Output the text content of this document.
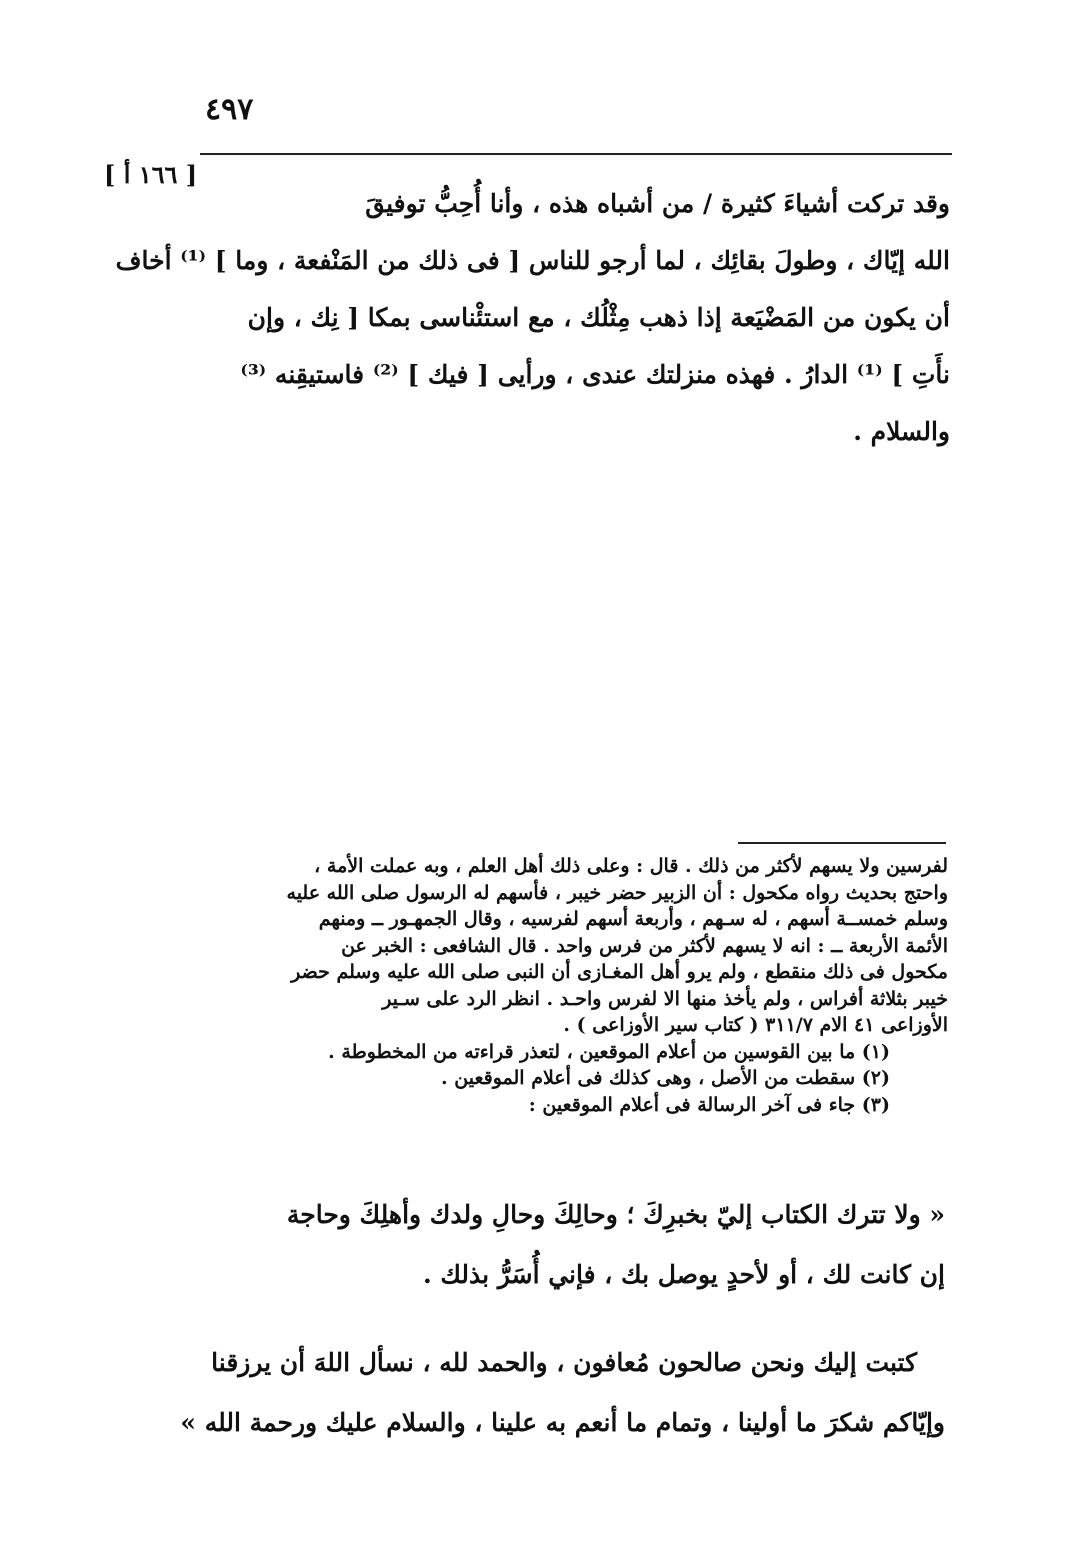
٤٩٧
[ ١٦٦ أ ]
وقد تركت أشياءَ كثيرة / من أشباه هذه ، وأنا أُحِبُّ توفيقَ
الله إيّاك ، وطولَ بقائِك ، لما أرجو للناس [ فى ذلك من المَنْفعة ، وما ] ⁽¹⁾ أخاف
أن يكون من المَضْيَعة إذا ذهب مِثْلُك ، مع استئْناسى بمكا [ نِك ، وإن
نأَتِ ] ⁽¹⁾ الدارُ . فهذه منزلتك عندى ، ورأيى [ فيك ] ⁽²⁾ فاستيقِنه ⁽³⁾
والسلام .
لفرسين ولا يسهم لأكثر من ذلك . قال : وعلى ذلك أهل العلم ، وبه عملت الأمة ،
واحتج بحديث رواه مكحول : أن الزبير حضر خيبر ، فأسهم له الرسول صلى الله عليه
وسلم خمســة أسهم ، له سـهم ، وأربعة أسهم لفرسيه ، وقال الجمهـور ــ ومنهم
الأئمة الأربعة ــ : انه لا يسهم لأكثر من فرس واحد . قال الشافعى : الخبر عن
مكحول فى ذلك منقطع ، ولم يرو أهل المغـازى أن النبى صلى الله عليه وسلم حضر
خيبر بثلاثة أفراس ، ولم يأخذ منها الا لفرس واحـد . انظر الرد على سـير
الأوزاعى ٤١ الام ٣١١/٧ ( كتاب سير الأوزاعى ) .
(١) ما بين القوسين من أعلام الموقعين ، لتعذر قراءته من المخطوطة .
(٢) سقطت من الأصل ، وهى كذلك فى أعلام الموقعين .
(٣) جاء فى آخر الرسالة فى أعلام الموقعين :
« ولا تترك الكتاب إليّ بخبرِكَ ؛ وحالِكَ وحالِ ولدك وأهلِكَ وحاجة
إن كانت لك ، أو لأحدٍ يوصل بك ، فإني أُسَرُّ بذلك .
كتبت إليك ونحن صالحون مُعافون ، والحمد لله ، نسأل اللهَ أن يرزقنا
وإيّاكم شكرَ ما أولينا ، وتمام ما أنعم به علينا ، والسلام عليك ورحمة الله »
